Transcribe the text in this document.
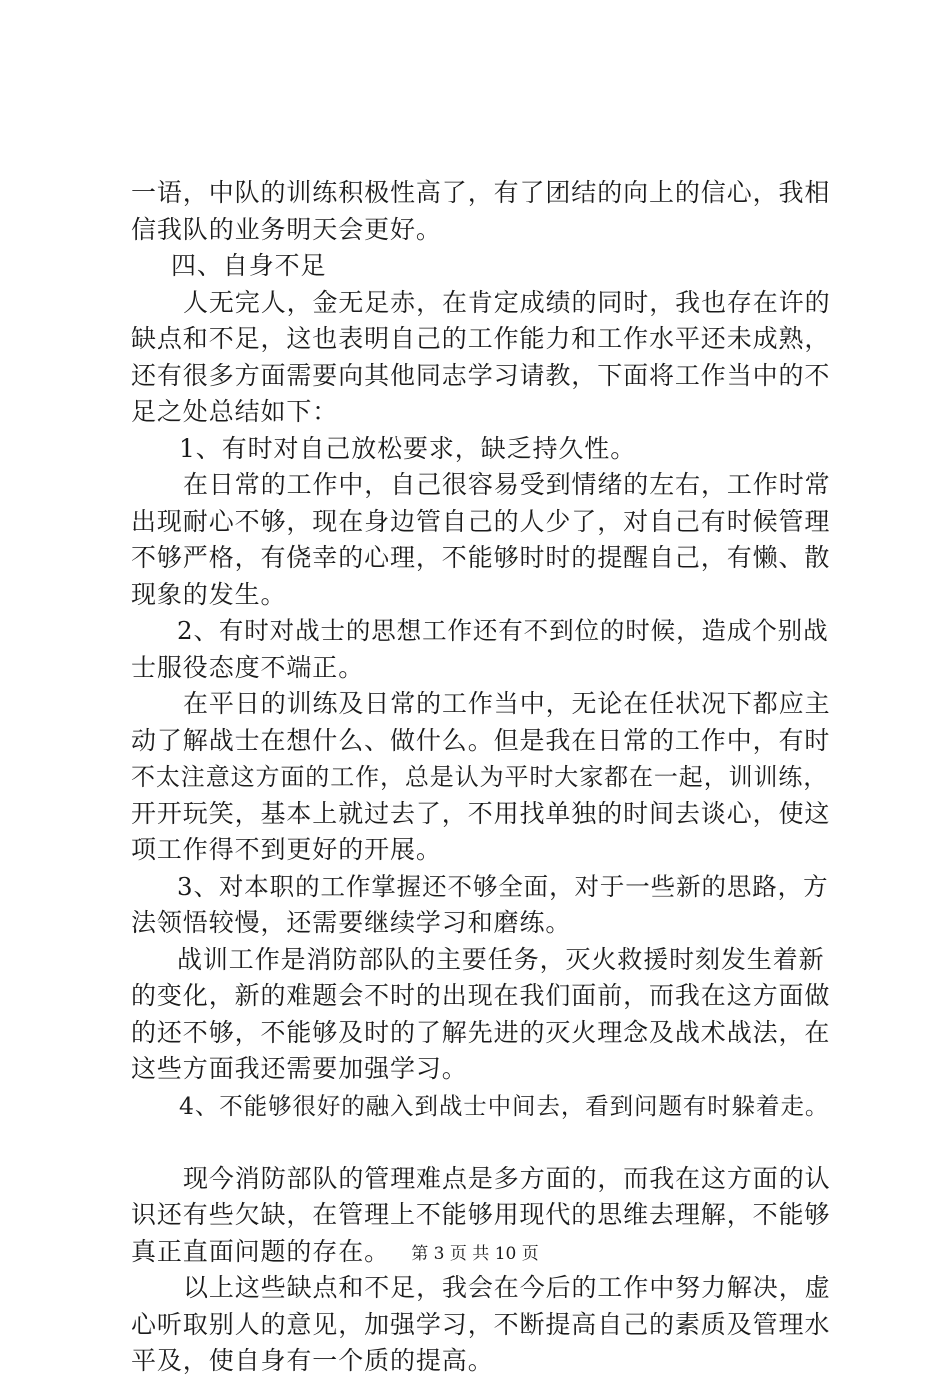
一语，中队的训练积极性高了，有了团结的向上的信心，我相
信我队的业务明天会更好。
四、自身不足
人无完人，金无足赤，在肯定成绩的同时，我也存在许的
缺点和不足，这也表明自己的工作能力和工作水平还未成熟，
还有很多方面需要向其他同志学习请教，下面将工作当中的不
足之处总结如下：
1、有时对自己放松要求，缺乏持久性。
在日常的工作中，自己很容易受到情绪的左右，工作时常
出现耐心不够，现在身边管自己的人少了，对自己有时候管理
不够严格，有侥幸的心理，不能够时时的提醒自己，有懒、散
现象的发生。
2、有时对战士的思想工作还有不到位的时候，造成个别战
士服役态度不端正。
在平日的训练及日常的工作当中，无论在任状况下都应主
动了解战士在想什么、做什么。但是我在日常的工作中，有时
不太注意这方面的工作，总是认为平时大家都在一起，训训练，
开开玩笑，基本上就过去了，不用找单独的时间去谈心，使这
项工作得不到更好的开展。
3、对本职的工作掌握还不够全面，对于一些新的思路，方
法领悟较慢，还需要继续学习和磨练。
战训工作是消防部队的主要任务，灭火救援时刻发生着新
的变化，新的难题会不时的出现在我们面前，而我在这方面做
的还不够，不能够及时的了解先进的灭火理念及战术战法，在
这些方面我还需要加强学习。
4、不能够很好的融入到战士中间去，看到问题有时躲着走。
现今消防部队的管理难点是多方面的，而我在这方面的认
识还有些欠缺，在管理上不能够用现代的思维去理解，不能够
真正直面问题的存在。
以上这些缺点和不足，我会在今后的工作中努力解决，虚
心听取别人的意见，加强学习，不断提高自己的素质及管理水
平及，使自身有一个质的提高。
第 3 页 共 10 页
